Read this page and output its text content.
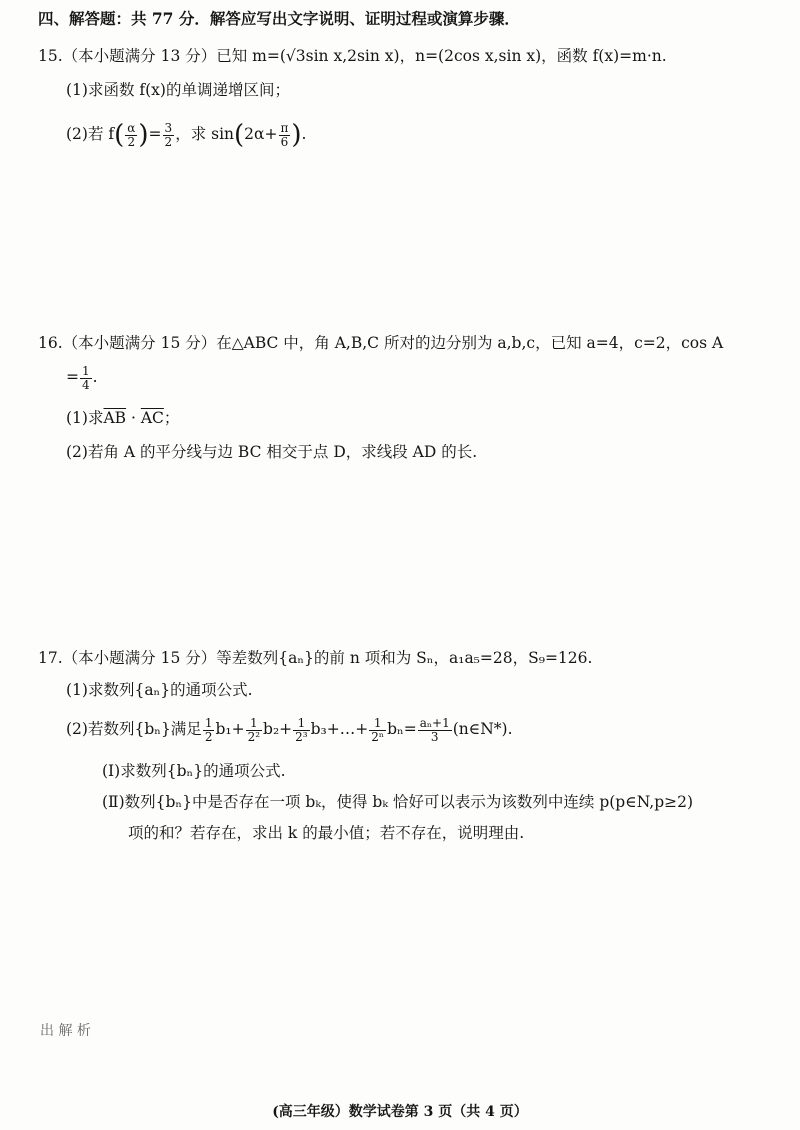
四、解答题：共 77 分．解答应写出文字说明、证明过程或演算步骤．
15.（本小题满分 13 分）已知 m=(√3sin x,2sin x)，n=(2cos x,sin x)，函数 f(x)=m·n.
(1)求函数 f(x)的单调递增区间；
(2)若 $f( \frac{\alpha}{2}$ )= $\frac{3}{2}$ ，求 $\sin(2\alpha+ \frac{\pi}{6}$ ).
16.（本小题满分 15 分）在△ABC 中，角 A,B,C 所对的边分别为 a,b,c，已知 a=4，c=2，cos A
= $\frac{1}{4}$ .
(1)求$\overline{AB} \cdot \overline{AC}$；
(2)若角 A 的平分线与边 BC 相交于点 D，求线段 AD 的长.
17.（本小题满分 15 分）等差数列{aₙ}的前 n 项和为 Sₙ，a₁a₅=28，S₉=126.
(1)求数列{aₙ}的通项公式.
(2)若数列{bₙ}满足 $\frac{1}{2} b_1+ \frac{1}{\text{2²}} b_2+ \frac{1}{\text{2³}}$ b₃+…+ $\frac{1}{\text{2ⁿ}} b_n= \frac{\text{aₙ+1}}{3}$ (n∈N*).
(Ⅰ)求数列{bₙ}的通项公式.
(Ⅱ)数列{bₙ}中是否存在一项 bₖ，使得 bₖ 恰好可以表示为该数列中连续 p(p∈N,p≥2)
项的和？若存在，求出 k 的最小值；若不存在，说明理由.
出 解 析
(高三年级）数学试卷第 3 页（共 4 页）
